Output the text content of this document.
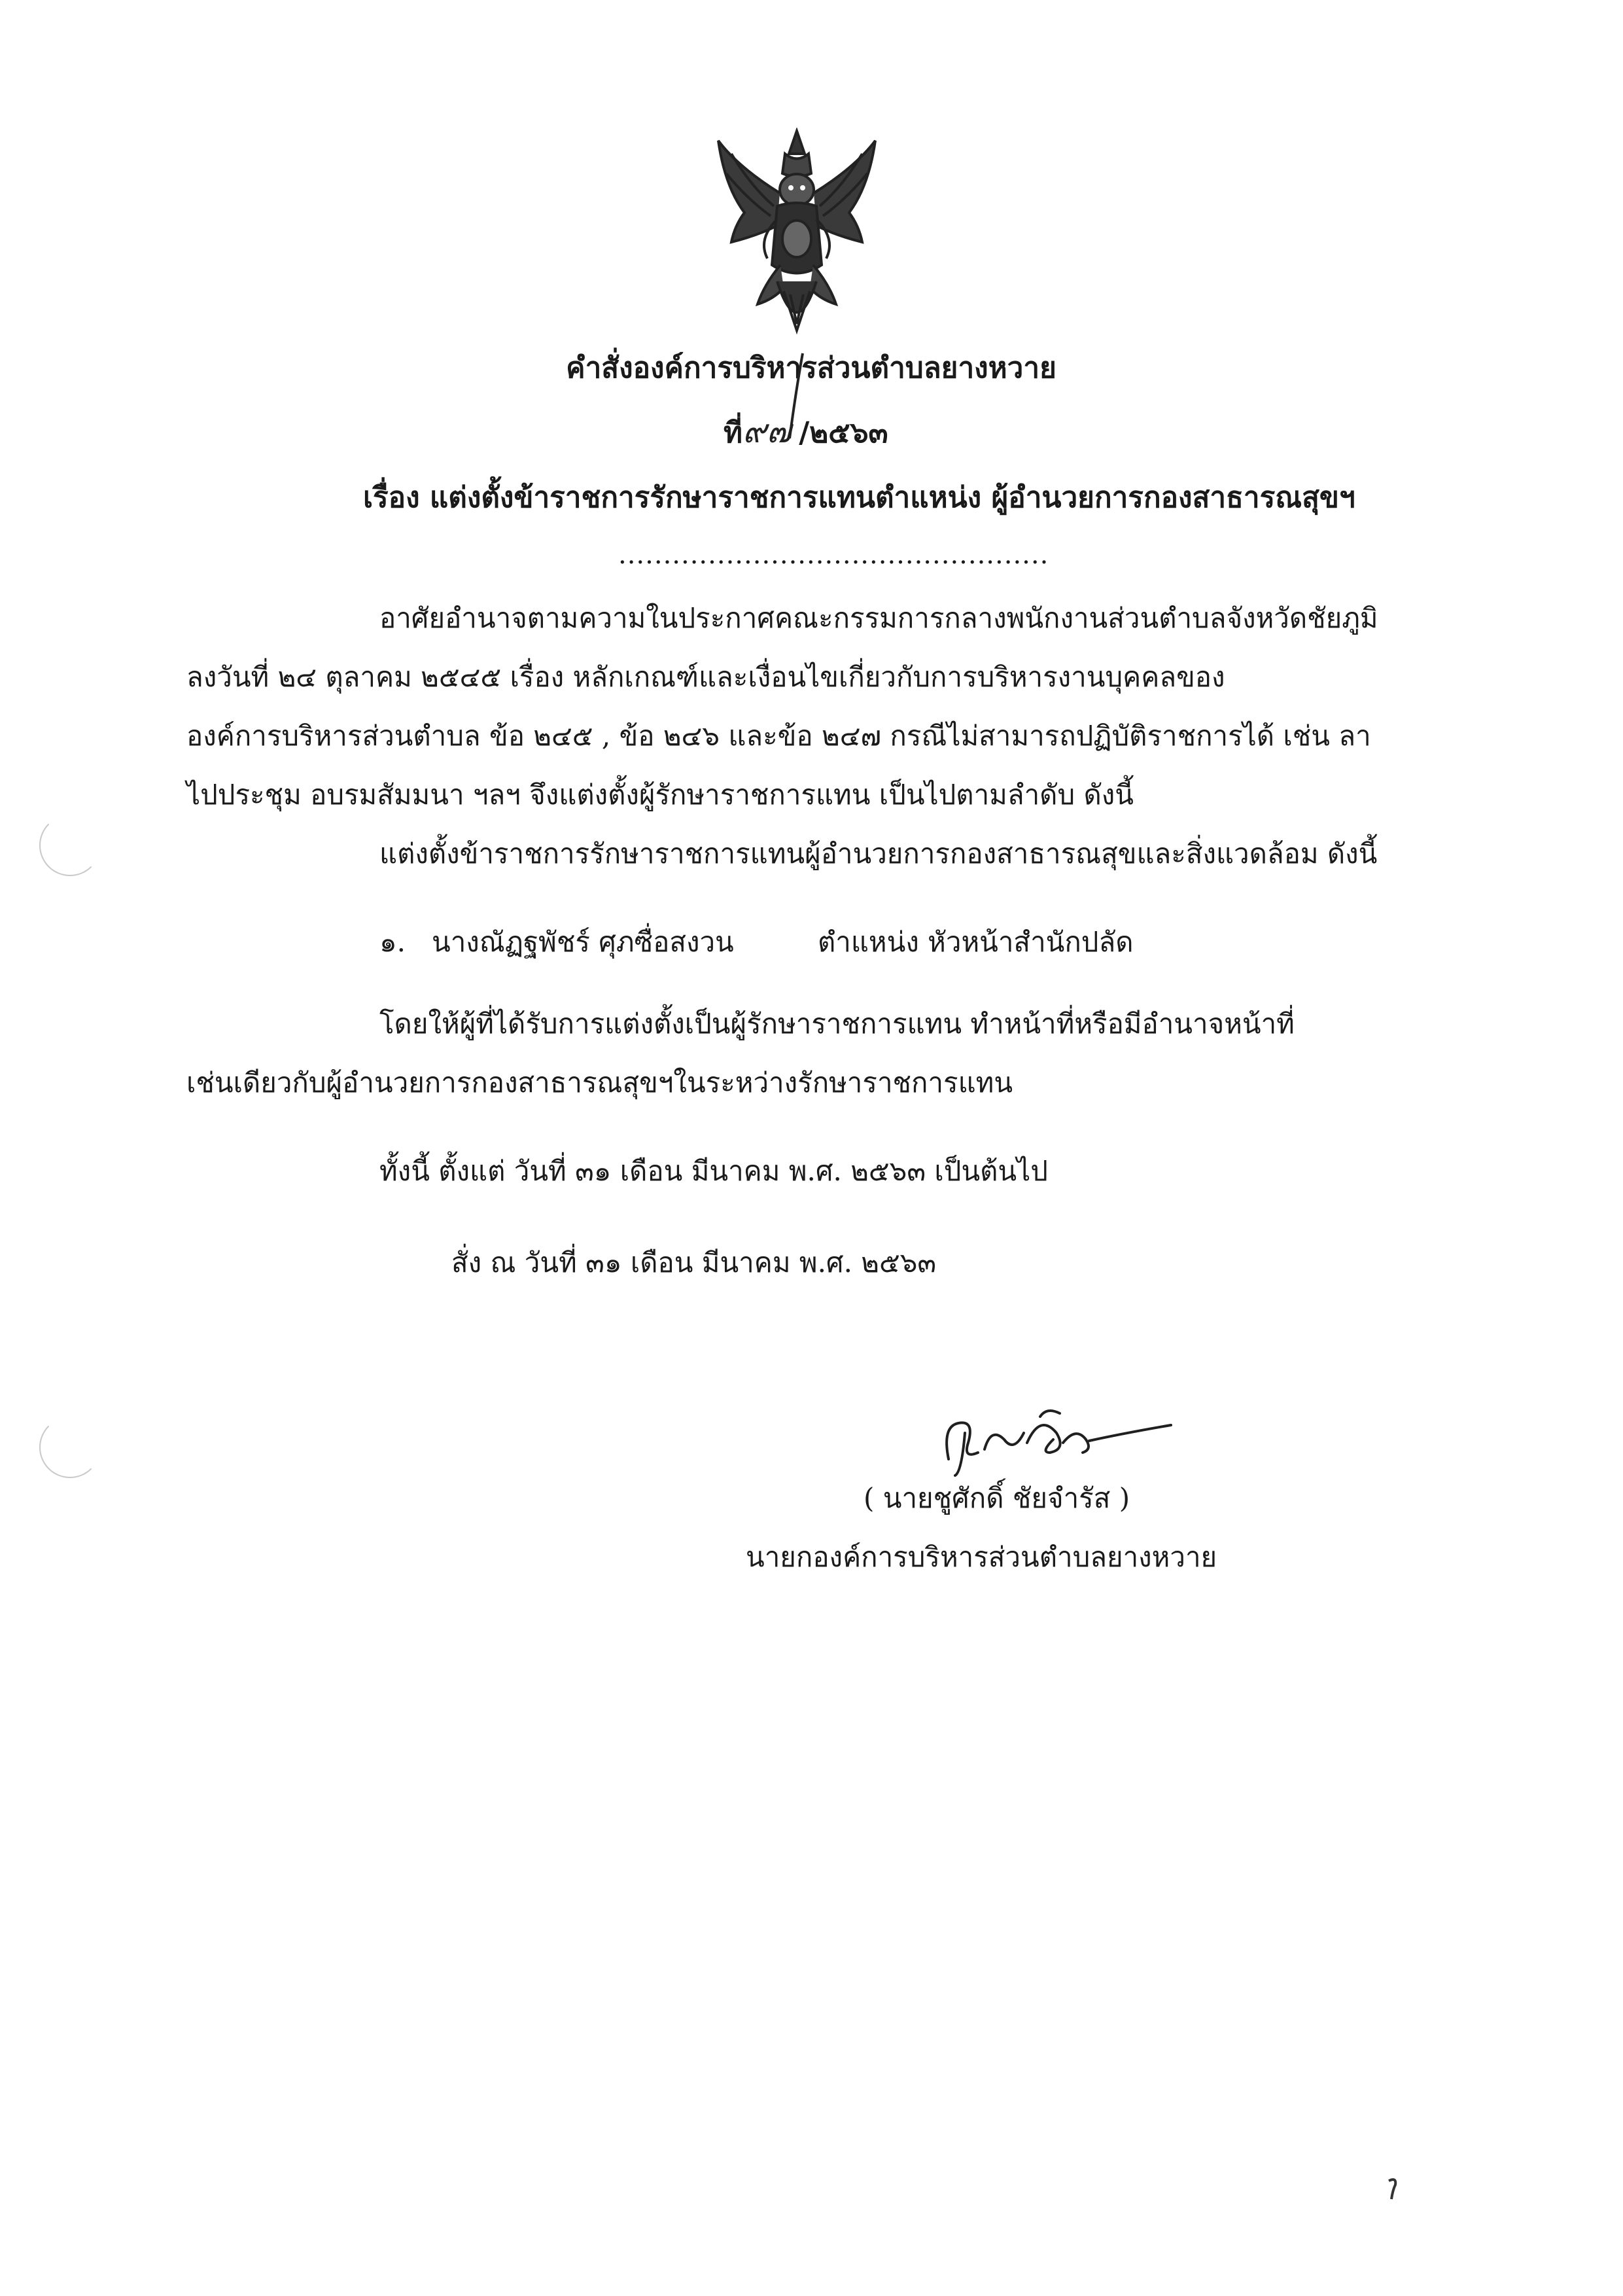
คำสั่งองค์การบริหารส่วนตำบลยางหวาย
ที่๙๗ /๒๕๖๓
เรื่อง แต่งตั้งข้าราชการรักษาราชการแทนตำแหน่ง ผู้อำนวยการกองสาธารณสุขฯ
................................................
อาศัยอำนาจตามความในประกาศคณะกรรมการกลางพนักงานส่วนตำบลจังหวัดชัยภูมิ
ลงวันที่ ๒๔ ตุลาคม ๒๕๔๕ เรื่อง หลักเกณฑ์และเงื่อนไขเกี่ยวกับการบริหารงานบุคคลของ
องค์การบริหารส่วนตำบล ข้อ ๒๔๕ , ข้อ ๒๔๖ และข้อ ๒๔๗ กรณีไม่สามารถปฏิบัติราชการได้ เช่น ลา
ไปประชุม อบรมสัมมนา ฯลฯ จึงแต่งตั้งผู้รักษาราชการแทน เป็นไปตามลำดับ ดังนี้
แต่งตั้งข้าราชการรักษาราชการแทนผู้อำนวยการกองสาธารณสุขและสิ่งแวดล้อม ดังนี้
๑. นางณัฏฐพัชร์ ศุภซื่อสงวน	ตำแหน่ง หัวหน้าสำนักปลัด
โดยให้ผู้ที่ได้รับการแต่งตั้งเป็นผู้รักษาราชการแทน ทำหน้าที่หรือมีอำนาจหน้าที่
เช่นเดียวกับผู้อำนวยการกองสาธารณสุขฯในระหว่างรักษาราชการแทน
ทั้งนี้ ตั้งแต่ วันที่ ๓๑ เดือน มีนาคม พ.ศ. ๒๕๖๓ เป็นต้นไป
สั่ง ณ วันที่ ๓๑ เดือน มีนาคม พ.ศ. ๒๕๖๓
( นายชูศักดิ์ ชัยจำรัส )
นายกองค์การบริหารส่วนตำบลยางหวาย
